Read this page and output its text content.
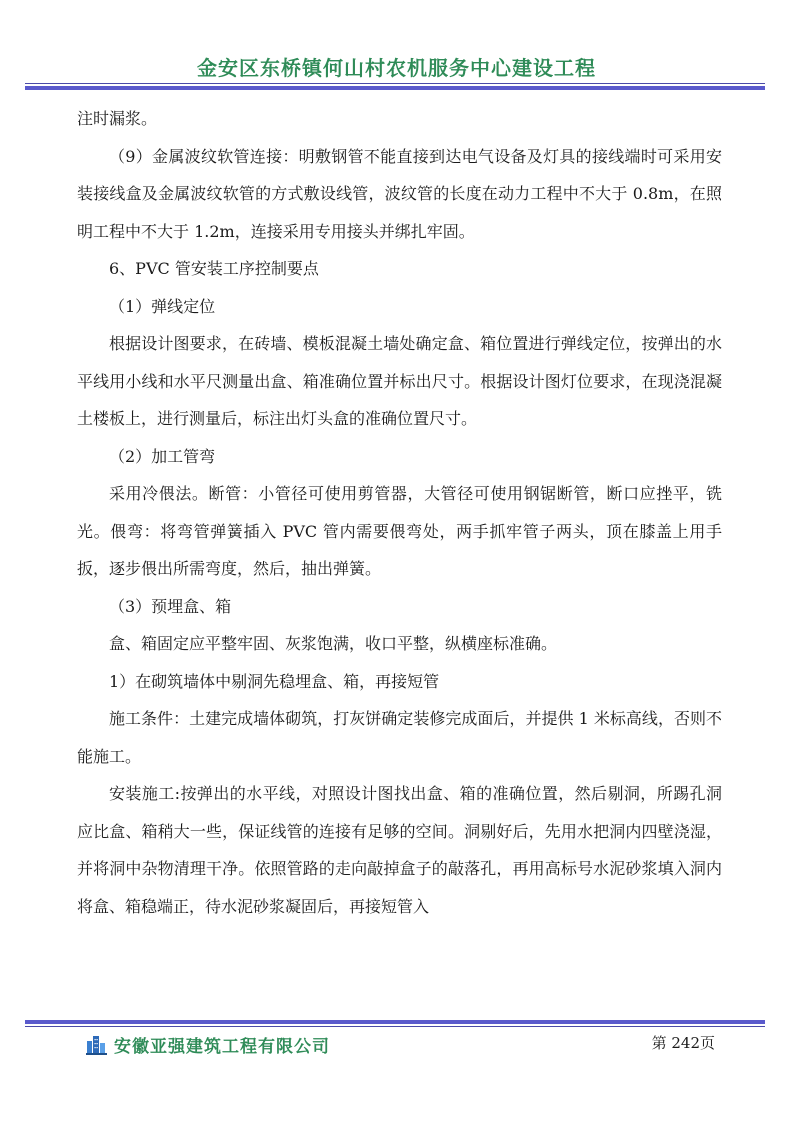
金安区东桥镇何山村农机服务中心建设工程

注时漏浆。

（9）金属波纹软管连接：明敷钢管不能直接到达电气设备及灯具的接线端时可采用安装接线盒及金属波纹软管的方式敷设线管，波纹管的长度在动力工程中不大于 0.8m，在照明工程中不大于 1.2m，连接采用专用接头并绑扎牢固。

6、PVC 管安装工序控制要点

（1）弹线定位

根据设计图要求，在砖墙、模板混凝土墙处确定盒、箱位置进行弹线定位，按弹出的水平线用小线和水平尺测量出盒、箱准确位置并标出尺寸。根据设计图灯位要求，在现浇混凝土楼板上，进行测量后，标注出灯头盒的准确位置尺寸。

（2）加工管弯

采用冷偎法。断管：小管径可使用剪管器，大管径可使用钢锯断管，断口应挫平，铣光。偎弯：将弯管弹簧插入 PVC 管内需要偎弯处，两手抓牢管子两头，顶在膝盖上用手扳，逐步偎出所需弯度，然后，抽出弹簧。

（3）预埋盒、箱

盒、箱固定应平整牢固、灰浆饱满，收口平整，纵横座标准确。

1）在砌筑墙体中剔洞先稳埋盒、箱，再接短管

施工条件：土建完成墙体砌筑，打灰饼确定装修完成面后，并提供 1 米标高线，否则不能施工。

安装施工:按弹出的水平线，对照设计图找出盒、箱的准确位置，然后剔洞，所踢孔洞应比盒、箱稍大一些，保证线管的连接有足够的空间。洞剔好后，先用水把洞内四壁浇湿，并将洞中杂物清理干净。依照管路的走向敲掉盒子的敲落孔，再用高标号水泥砂浆填入洞内将盒、箱稳端正，待水泥砂浆凝固后，再接短管入

安徽亚强建筑工程有限公司	第 242页
